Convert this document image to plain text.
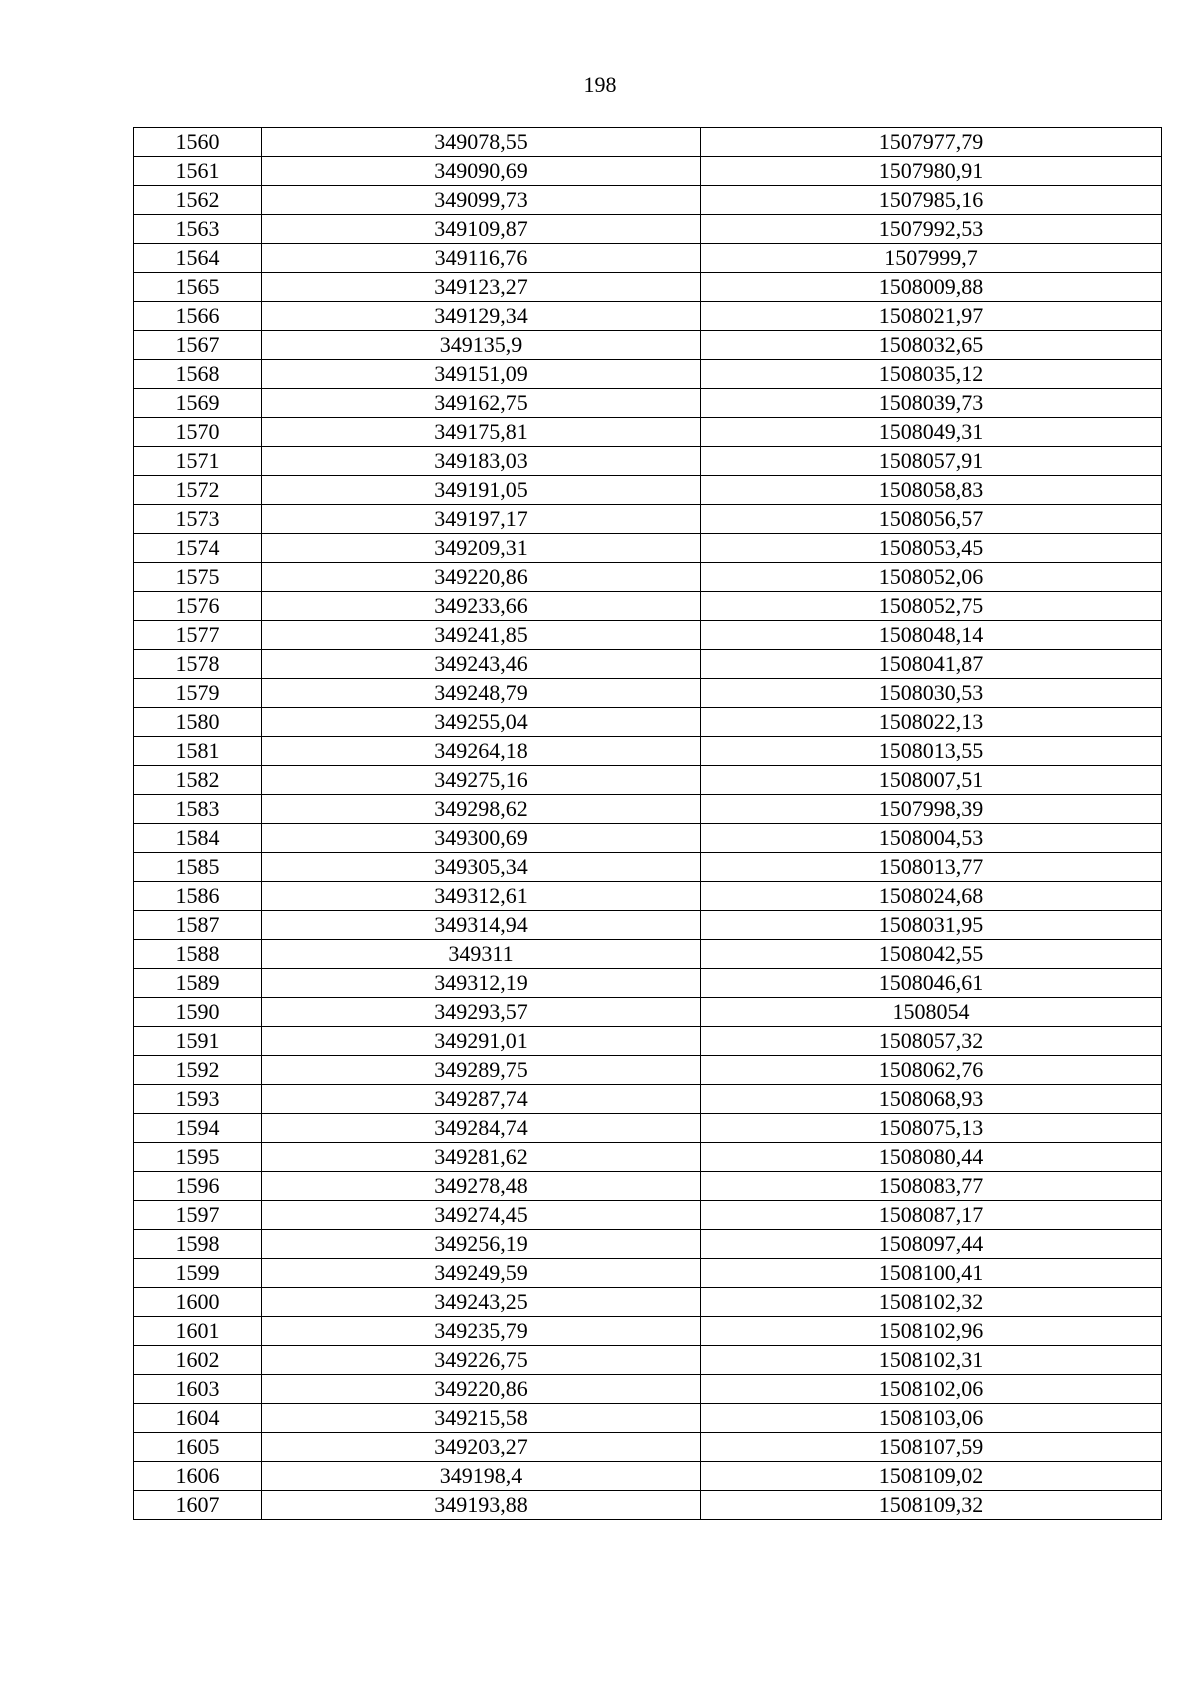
198
1560	349078,55	1507977,79
1561	349090,69	1507980,91
1562	349099,73	1507985,16
1563	349109,87	1507992,53
1564	349116,76	1507999,7
1565	349123,27	1508009,88
1566	349129,34	1508021,97
1567	349135,9	1508032,65
1568	349151,09	1508035,12
1569	349162,75	1508039,73
1570	349175,81	1508049,31
1571	349183,03	1508057,91
1572	349191,05	1508058,83
1573	349197,17	1508056,57
1574	349209,31	1508053,45
1575	349220,86	1508052,06
1576	349233,66	1508052,75
1577	349241,85	1508048,14
1578	349243,46	1508041,87
1579	349248,79	1508030,53
1580	349255,04	1508022,13
1581	349264,18	1508013,55
1582	349275,16	1508007,51
1583	349298,62	1507998,39
1584	349300,69	1508004,53
1585	349305,34	1508013,77
1586	349312,61	1508024,68
1587	349314,94	1508031,95
1588	349311	1508042,55
1589	349312,19	1508046,61
1590	349293,57	1508054
1591	349291,01	1508057,32
1592	349289,75	1508062,76
1593	349287,74	1508068,93
1594	349284,74	1508075,13
1595	349281,62	1508080,44
1596	349278,48	1508083,77
1597	349274,45	1508087,17
1598	349256,19	1508097,44
1599	349249,59	1508100,41
1600	349243,25	1508102,32
1601	349235,79	1508102,96
1602	349226,75	1508102,31
1603	349220,86	1508102,06
1604	349215,58	1508103,06
1605	349203,27	1508107,59
1606	349198,4	1508109,02
1607	349193,88	1508109,32
